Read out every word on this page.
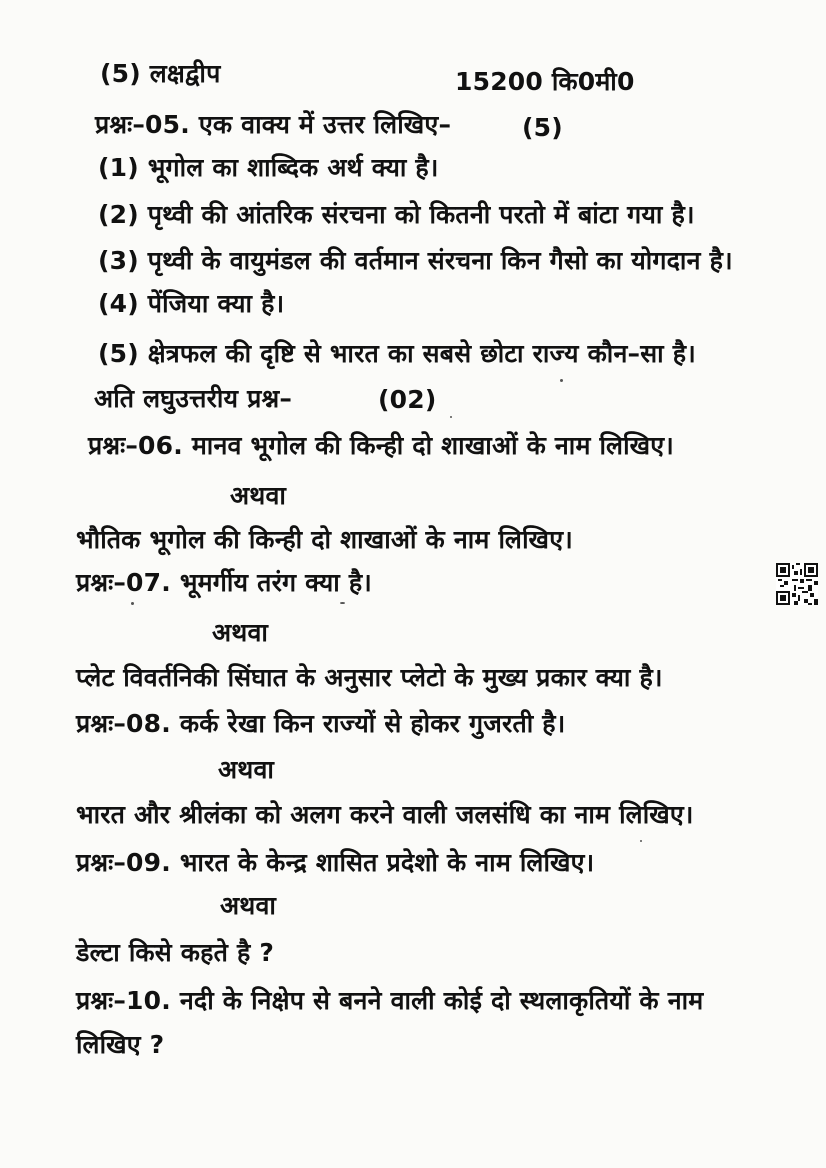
(5) लक्षद्वीप	15200 कि0मी0
प्रश्नः–05. एक वाक्य में उत्तर लिखिए–	(5)
(1) भूगोल का शाब्दिक अर्थ क्या है।
(2) पृथ्वी की आंतरिक संरचना को कितनी परतो में बांटा गया है।
(3) पृथ्वी के वायुमंडल की वर्तमान संरचना किन गैसो का योगदान है।
(4) पेंजिया क्या है।
(5) क्षेत्रफल की दृष्टि से भारत का सबसे छोटा राज्य कौन–सा है।
अति लघुउत्तरीय प्रश्न–	(02)
प्रश्नः–06. मानव भूगोल की किन्ही दो शाखाओं के नाम लिखिए।
अथवा
भौतिक भूगोल की किन्ही दो शाखाओं के नाम लिखिए।
प्रश्नः–07. भूमर्गीय तरंग क्या है।
अथवा
प्लेट विवर्तनिकी सिंघात के अनुसार प्लेटो के मुख्य प्रकार क्या है।
प्रश्नः–08. कर्क रेखा किन राज्यों से होकर गुजरती है।
अथवा
भारत और श्रीलंका को अलग करने वाली जलसंधि का नाम लिखिए।
प्रश्नः–09. भारत के केन्द्र शासित प्रदेशो के नाम लिखिए।
अथवा
डेल्टा किसे कहते है ?
प्रश्नः–10. नदी के निक्षेप से बनने वाली कोई दो स्थलाकृतियों के नाम
लिखिए ?
